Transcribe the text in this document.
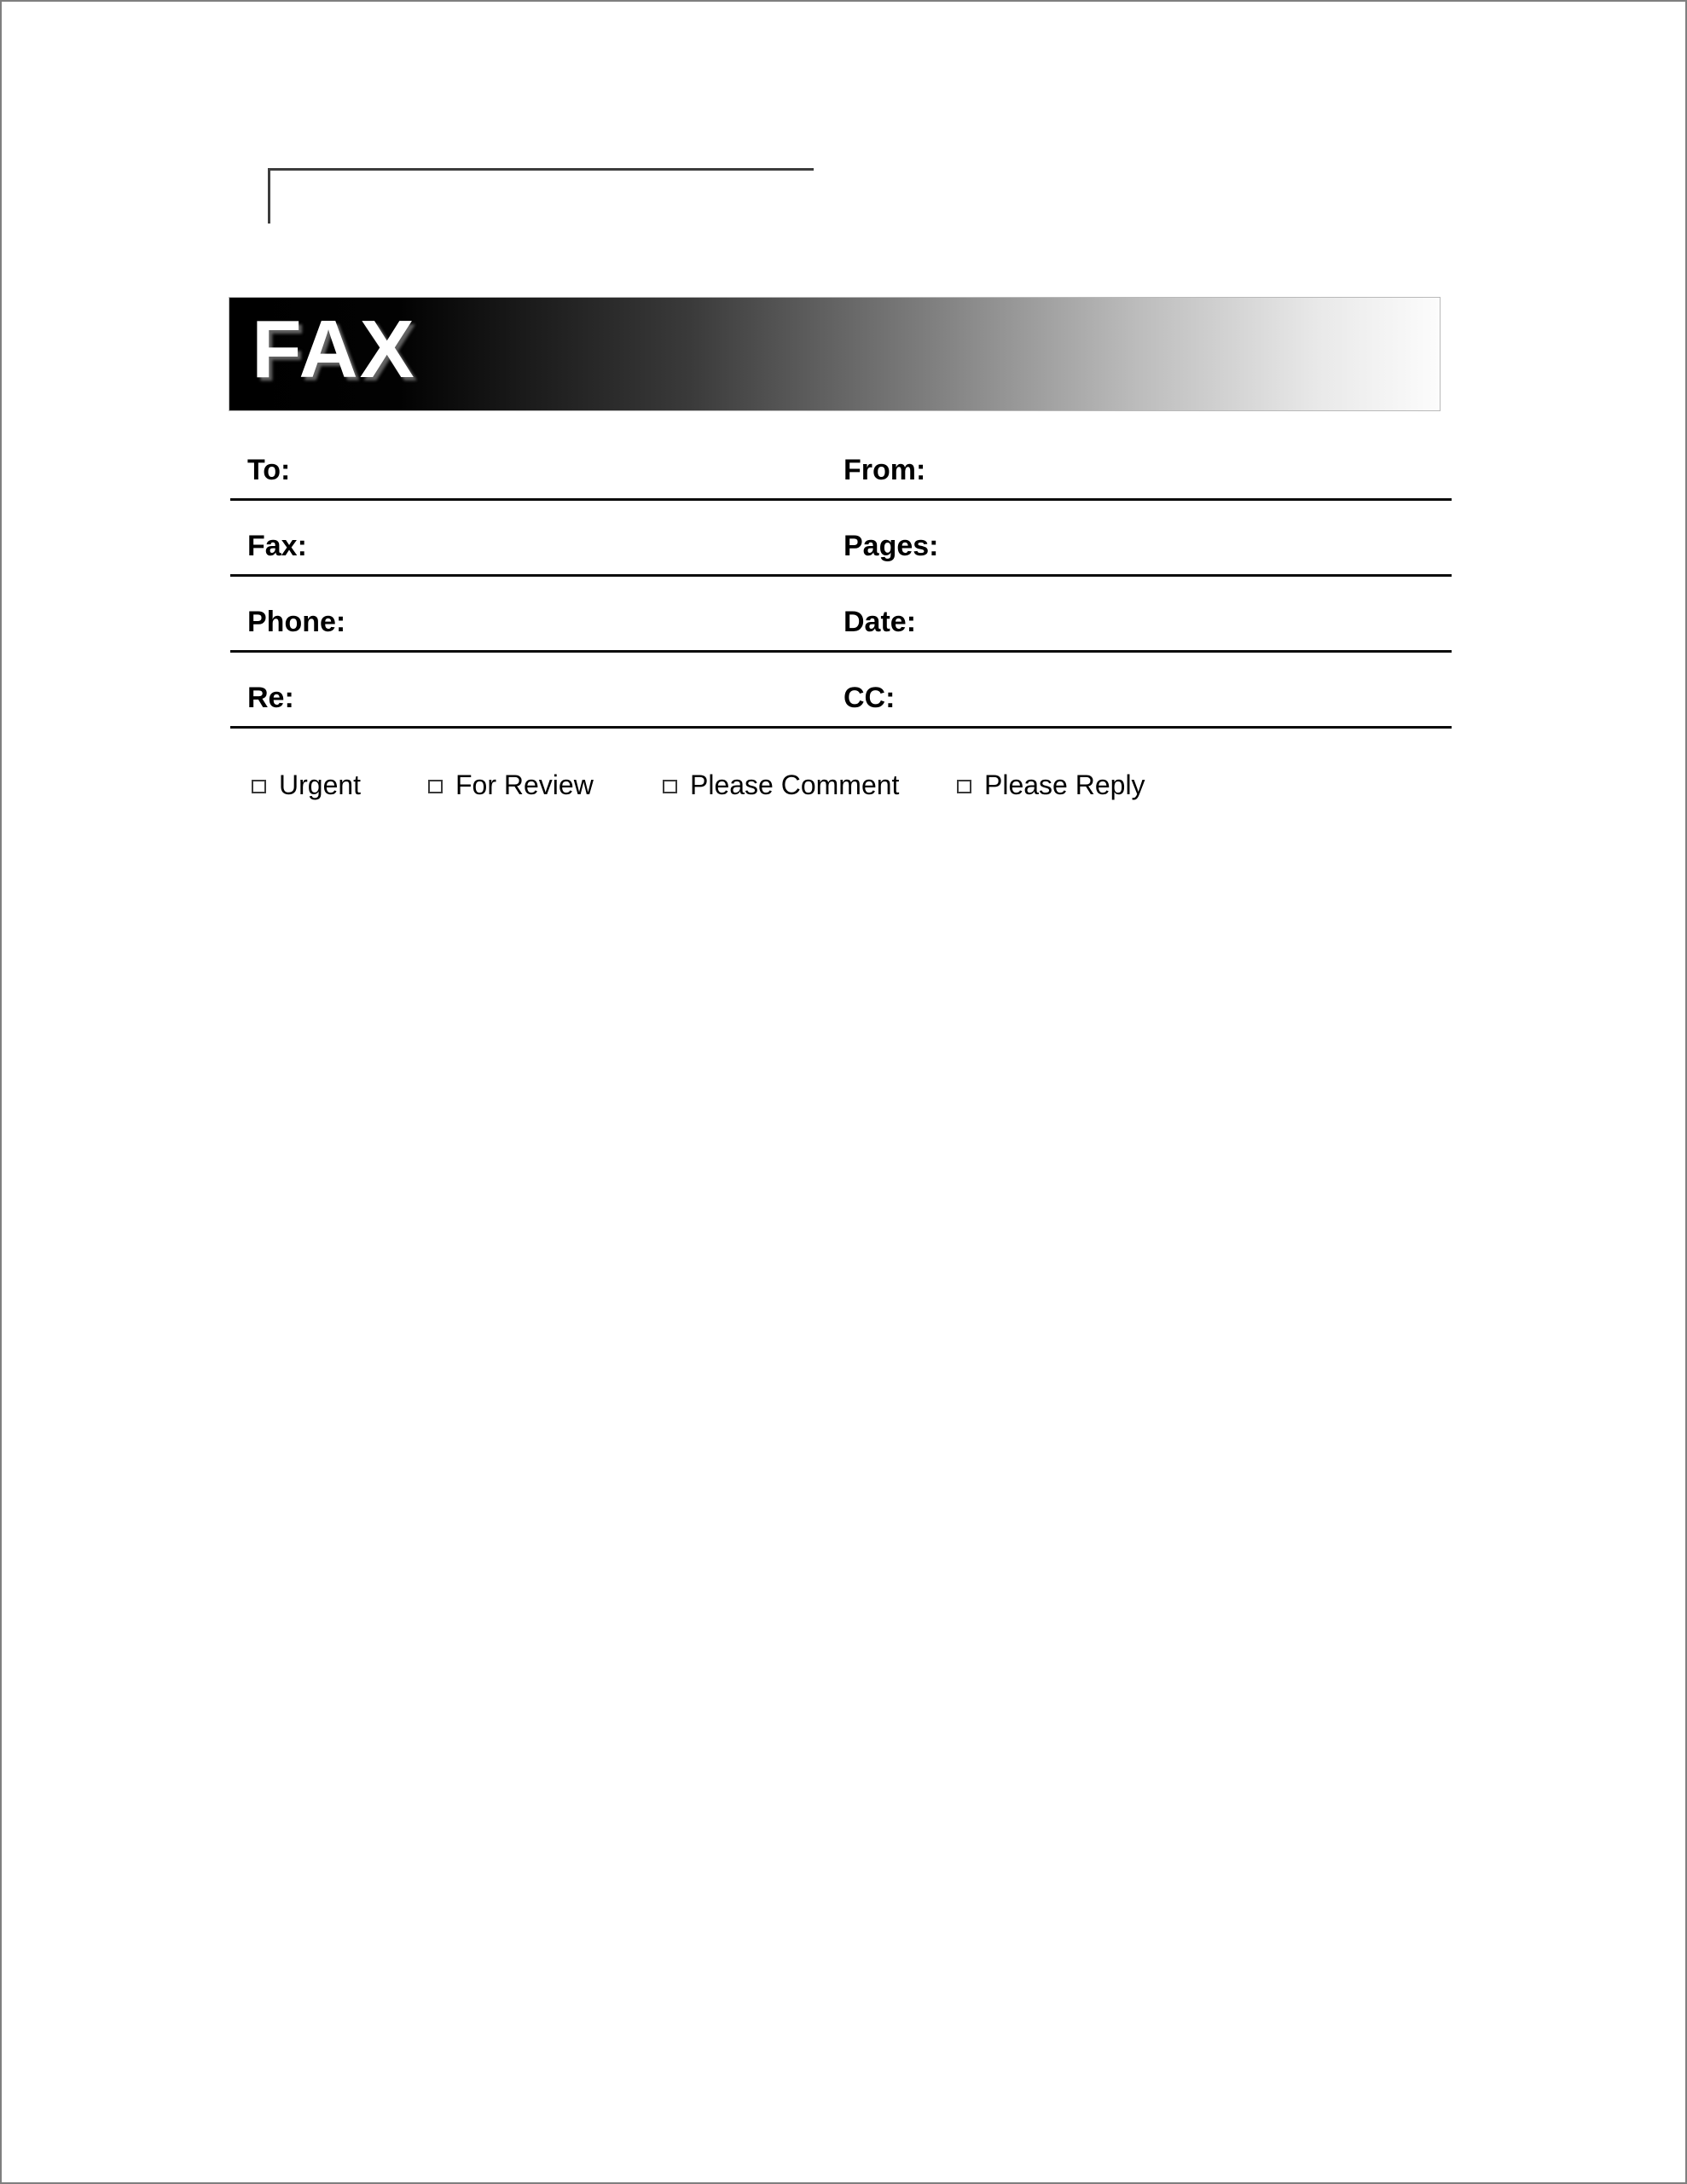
FAX
To:	From:
Fax:	Pages:
Phone:	Date:
Re:	CC:
Urgent	For Review	Please Comment	Please Reply
